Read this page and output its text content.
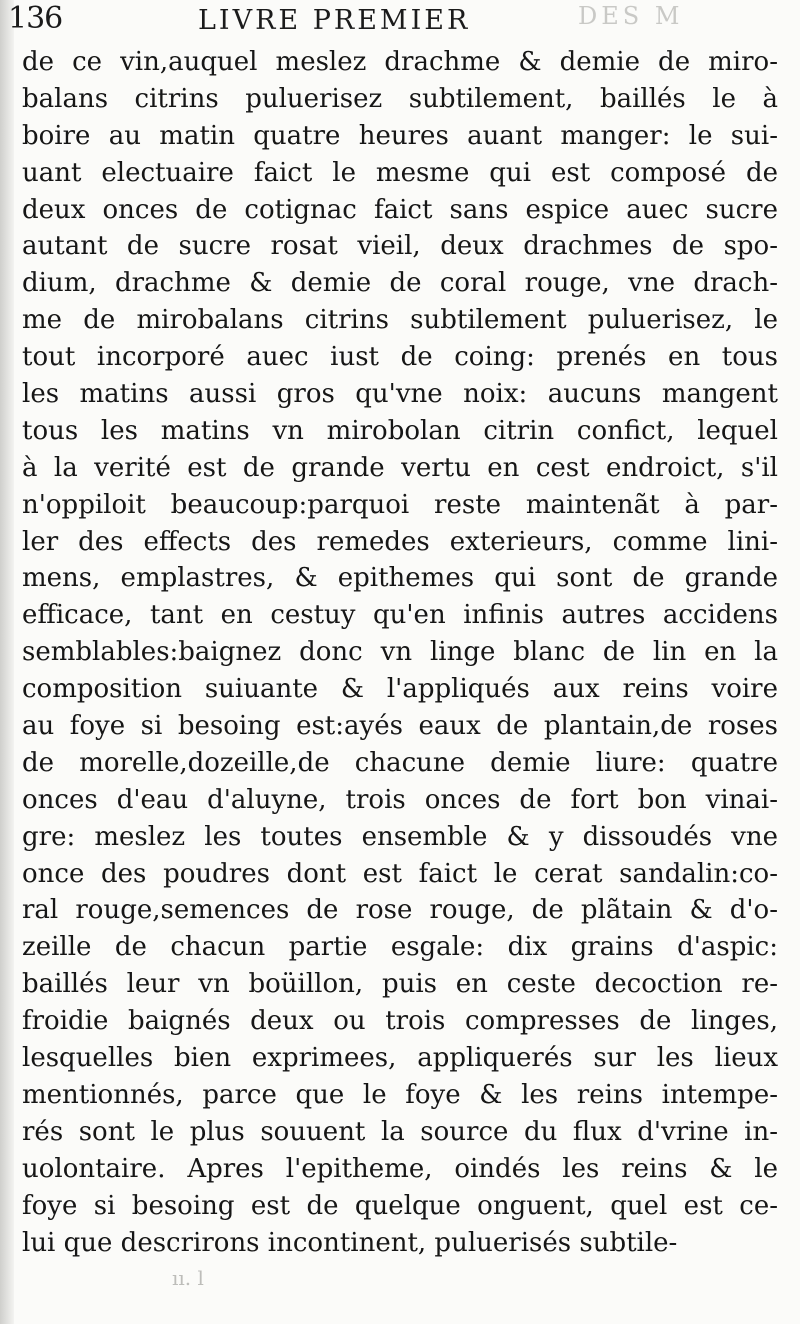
136	LIVRE PREMIER	DES M
de ce vin,auquel meslez drachme & demie de miro-
balans citrins puluerisez subtilement, baillés le à
boire au matin quatre heures auant manger: le sui-
uant electuaire faict le mesme qui est composé de
deux onces de cotignac faict sans espice auec sucre
autant de sucre rosat vieil, deux drachmes de spo-
dium, drachme & demie de coral rouge, vne drach-
me de mirobalans citrins subtilement puluerisez, le
tout incorporé auec iust de coing: prenés en tous
les matins aussi gros qu'vne noix: aucuns mangent
tous les matins vn mirobolan citrin confict, lequel
à la verité est de grande vertu en cest endroict, s'il
n'oppiloit beaucoup:parquoi reste maintenãt à par-
ler des effects des remedes exterieurs, comme lini-
mens, emplastres, & epithemes qui sont de grande
efficace, tant en cestuy qu'en infinis autres accidens
semblables:baignez donc vn linge blanc de lin en la
composition suiuante & l'appliqués aux reins voire
au foye si besoing est:ayés eaux de plantain,de roses
de morelle,dozeille,de chacune demie liure: quatre
onces d'eau d'aluyne, trois onces de fort bon vinai-
gre: meslez les toutes ensemble & y dissoudés vne
once des poudres dont est faict le cerat sandalin:co-
ral rouge,semences de rose rouge, de plãtain & d'o-
zeille de chacun partie esgale: dix grains d'aspic:
baillés leur vn boüillon, puis en ceste decoction re-
froidie baignés deux ou trois compresses de linges,
lesquelles bien exprimees, appliquerés sur les lieux
mentionnés, parce que le foye & les reins intempe-
rés sont le plus souuent la source du flux d'vrine in-
uolontaire. Apres l'epitheme, oindés les reins & le
foye si besoing est de quelque onguent, quel est ce-
lui que descrirons incontinent, puluerisés subtile-
ıı. l
